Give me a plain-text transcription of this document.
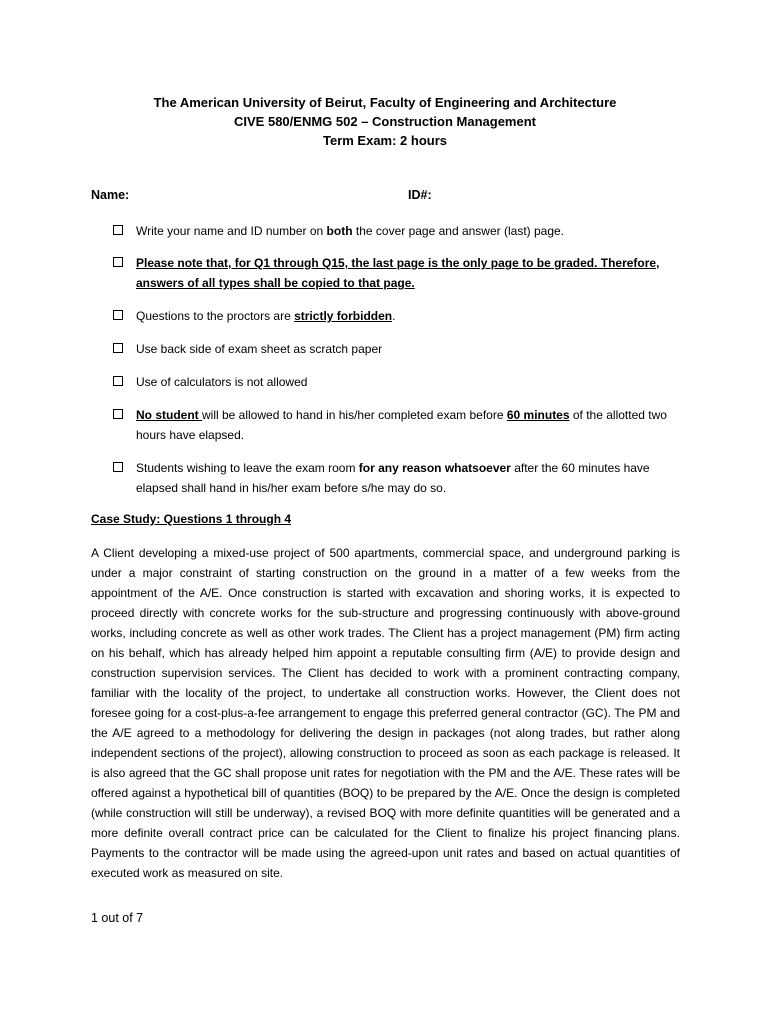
The American University of Beirut, Faculty of Engineering and Architecture
CIVE 580/ENMG 502 – Construction Management
Term Exam: 2 hours
Name:	ID#:
Write your name and ID number on both the cover page and answer (last) page.
Please note that, for Q1 through Q15, the last page is the only page to be graded. Therefore, answers of all types shall be copied to that page.
Questions to the proctors are strictly forbidden.
Use back side of exam sheet as scratch paper
Use of calculators is not allowed
No student will be allowed to hand in his/her completed exam before 60 minutes of the allotted two hours have elapsed.
Students wishing to leave the exam room for any reason whatsoever after the 60 minutes have elapsed shall hand in his/her exam before s/he may do so.
Case Study: Questions 1 through 4

A Client developing a mixed-use project of 500 apartments, commercial space, and underground parking is under a major constraint of starting construction on the ground in a matter of a few weeks from the appointment of the A/E. Once construction is started with excavation and shoring works, it is expected to proceed directly with concrete works for the sub-structure and progressing continuously with above-ground works, including concrete as well as other work trades. The Client has a project management (PM) firm acting on his behalf, which has already helped him appoint a reputable consulting firm (A/E) to provide design and construction supervision services. The Client has decided to work with a prominent contracting company, familiar with the locality of the project, to undertake all construction works. However, the Client does not foresee going for a cost-plus-a-fee arrangement to engage this preferred general contractor (GC). The PM and the A/E agreed to a methodology for delivering the design in packages (not along trades, but rather along independent sections of the project), allowing construction to proceed as soon as each package is released. It is also agreed that the GC shall propose unit rates for negotiation with the PM and the A/E. These rates will be offered against a hypothetical bill of quantities (BOQ) to be prepared by the A/E. Once the design is completed (while construction will still be underway), a revised BOQ with more definite quantities will be generated and a more definite overall contract price can be calculated for the Client to finalize his project financing plans. Payments to the contractor will be made using the agreed-upon unit rates and based on actual quantities of executed work as measured on site.

1 out of 7
